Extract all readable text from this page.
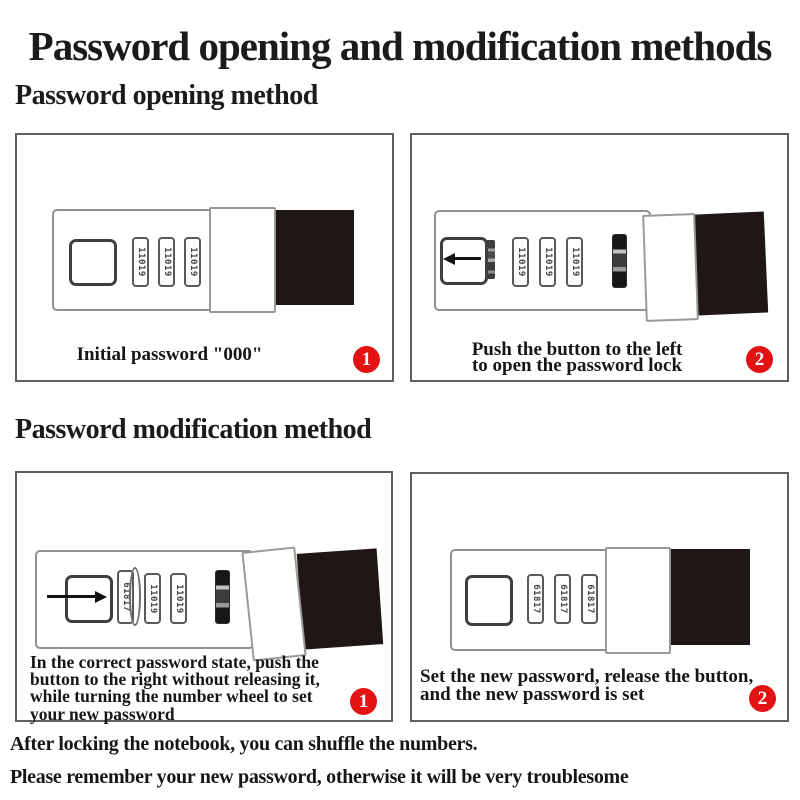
Password opening and modification methods
Password opening method
Password modification method
11019 11019 11019
Initial password "000"	1
11019 11019 11019
Push the button to the left
to open the password lock	2
61817 11019 11019
In the correct password state, push the
button to the right without releasing it,
while turning the number wheel to set
your new password
1
61817 61817 61817
Set the new password, release the button,
and the new password is set	2
After locking the notebook, you can shuffle the numbers.
Please remember your new password, otherwise it will be very troublesome
